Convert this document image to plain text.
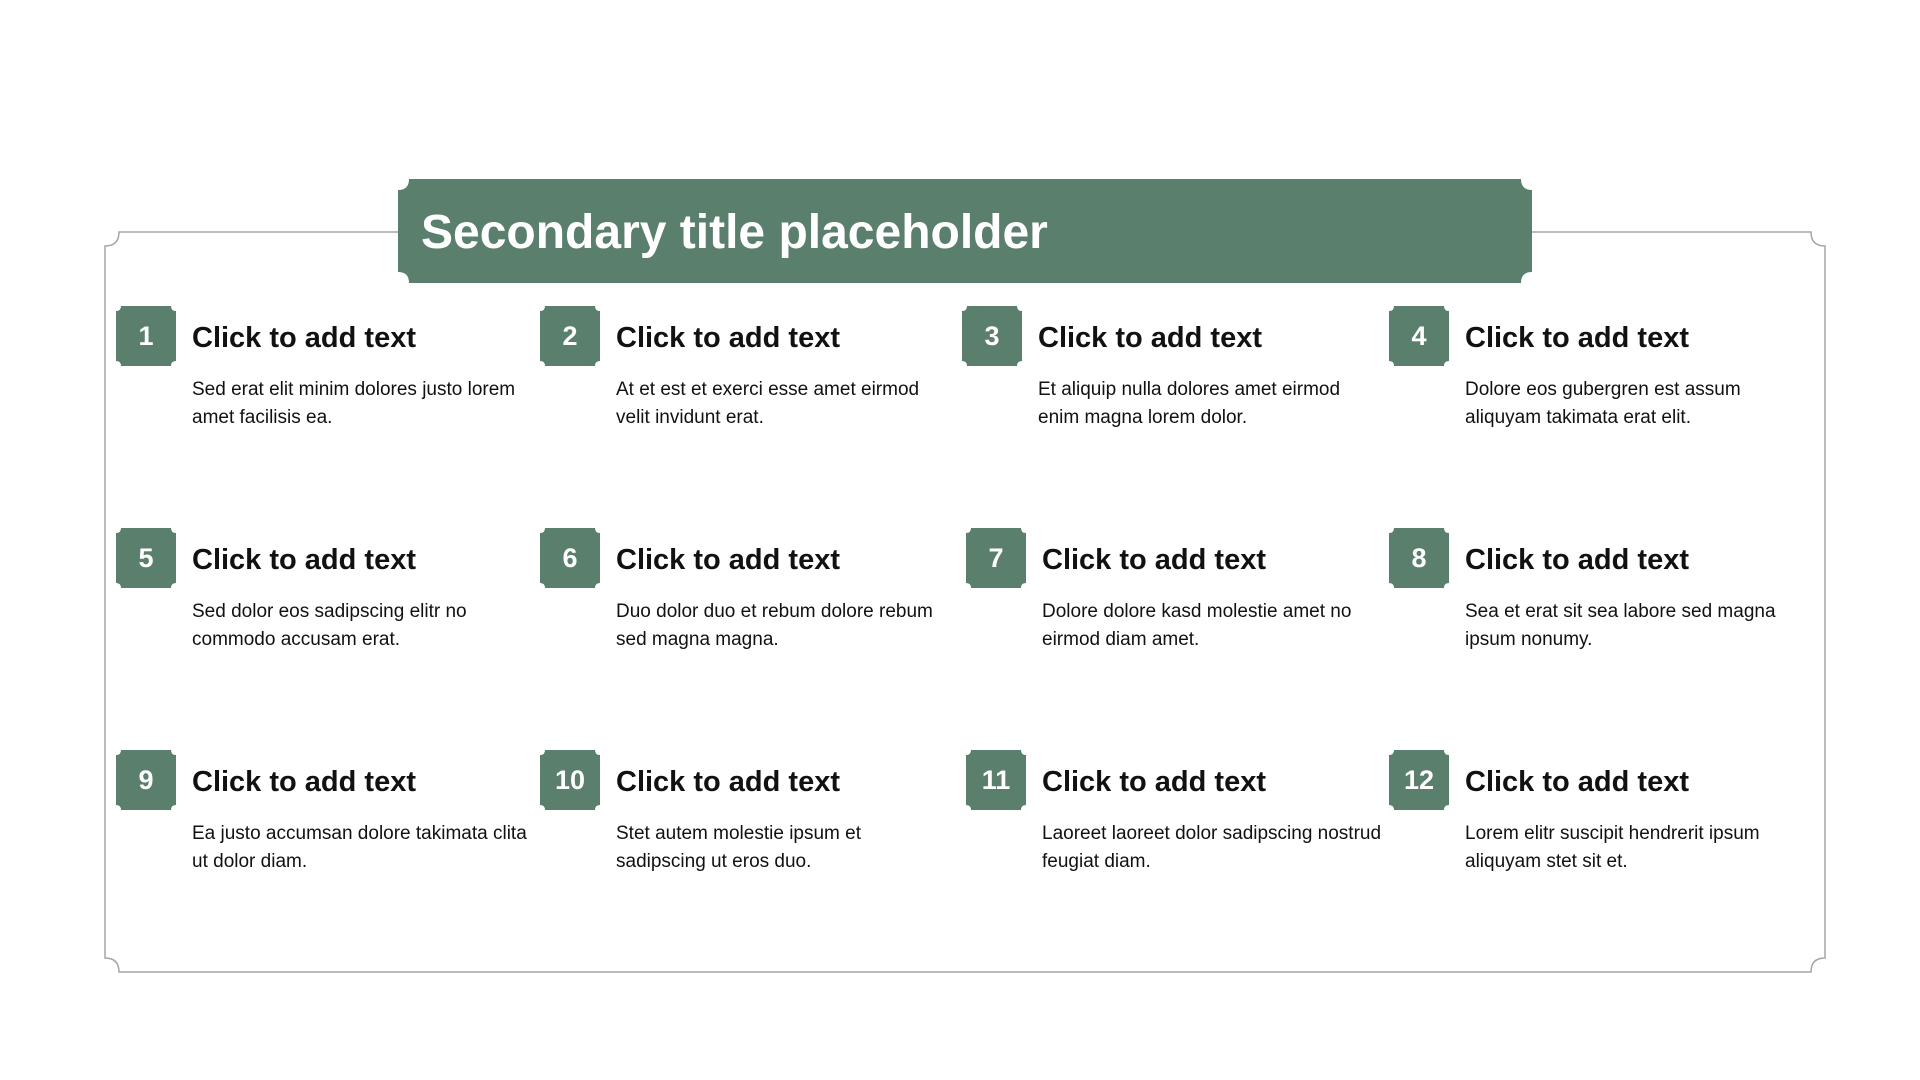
Secondary title placeholder
1	Click to add text
Sed erat elit minim dolores justo lorem amet facilisis ea.
2	Click to add text
At et est et exerci esse amet eirmod velit invidunt erat.
3	Click to add text
Et aliquip nulla dolores amet eirmod enim magna lorem dolor.
4	Click to add text
Dolore eos gubergren est assum aliquyam takimata erat elit.
5	Click to add text
Sed dolor eos sadipscing elitr no commodo accusam erat.
6	Click to add text
Duo dolor duo et rebum dolore rebum sed magna magna.
7	Click to add text
Dolore dolore kasd molestie amet no eirmod diam amet.
8	Click to add text
Sea et erat sit sea labore sed magna ipsum nonumy.
9	Click to add text
Ea justo accumsan dolore takimata clita ut dolor diam.
10	Click to add text
Stet autem molestie ipsum et sadipscing ut eros duo.
11	Click to add text
Laoreet laoreet dolor sadipscing nostrud feugiat diam.
12	Click to add text
Lorem elitr suscipit hendrerit ipsum aliquyam stet sit et.
